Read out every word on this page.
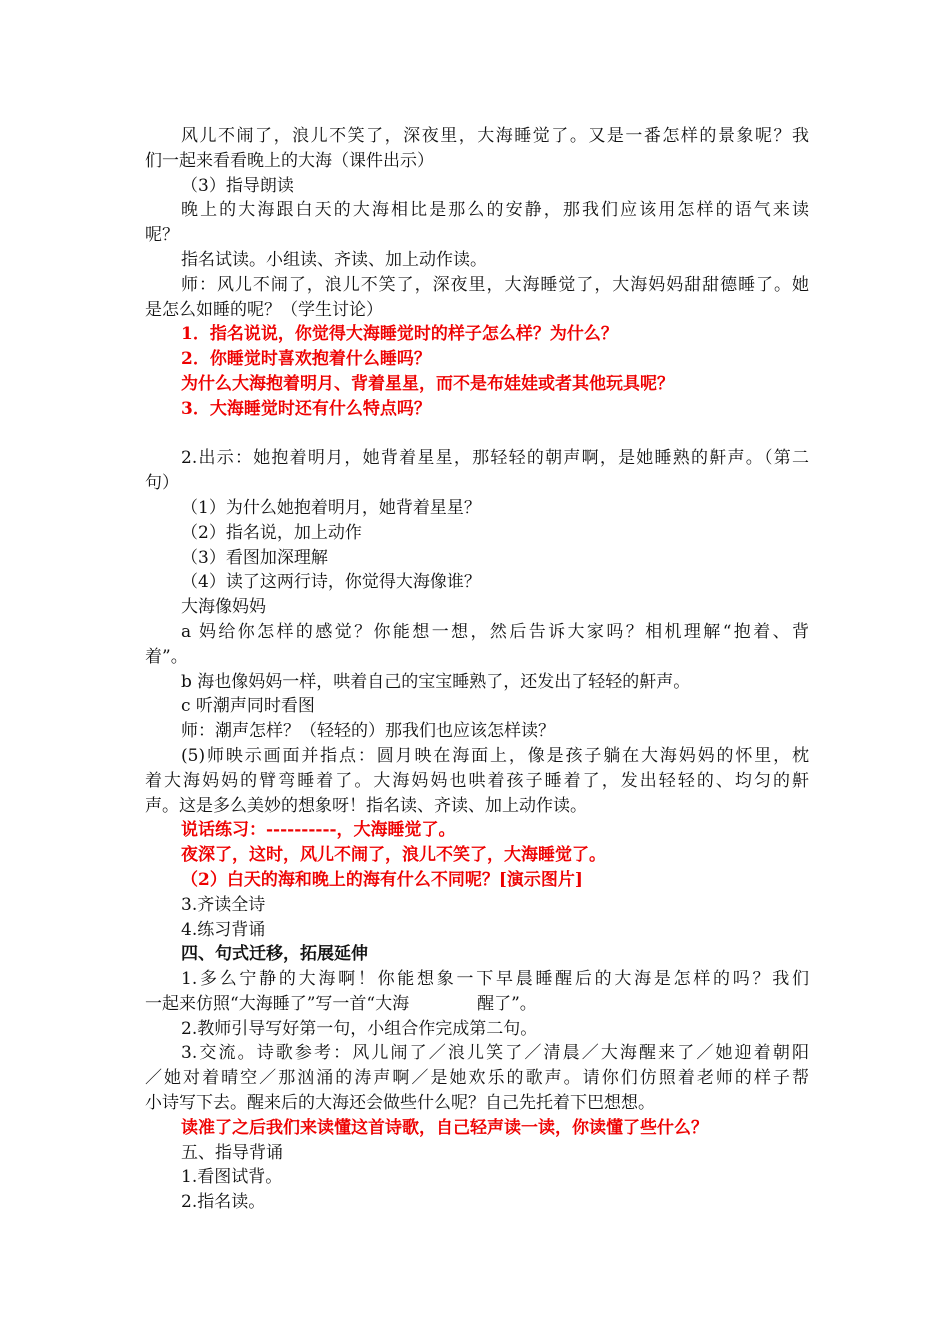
风儿不闹了，浪儿不笑了，深夜里，大海睡觉了。又是一番怎样的景象呢？我
们一起来看看晚上的大海（课件出示）
（3）指导朗读
晚上的大海跟白天的大海相比是那么的安静，那我们应该用怎样的语气来读
呢？
指名试读。小组读、齐读、加上动作读。
师：风儿不闹了，浪儿不笑了，深夜里，大海睡觉了，大海妈妈甜甜德睡了。她
是怎么如睡的呢？（学生讨论）
1．指名说说，你觉得大海睡觉时的样子怎么样？为什么？
2．你睡觉时喜欢抱着什么睡吗？
为什么大海抱着明月、背着星星，而不是布娃娃或者其他玩具呢？
3．大海睡觉时还有什么特点吗？
2.出示：她抱着明月，她背着星星，那轻轻的朝声啊，是她睡熟的鼾声。（第二
句）
（1）为什么她抱着明月，她背着星星？
（2）指名说，加上动作
（3）看图加深理解
（4）读了这两行诗，你觉得大海像谁？
大海像妈妈
a 妈给你怎样的感觉？你能想一想，然后告诉大家吗？相机理解“抱着、背
着”。
b 海也像妈妈一样，哄着自己的宝宝睡熟了，还发出了轻轻的鼾声。
c 听潮声同时看图
师：潮声怎样？（轻轻的）那我们也应该怎样读？
(5)师映示画面并指点：圆月映在海面上，像是孩子躺在大海妈妈的怀里，枕
着大海妈妈的臂弯睡着了。大海妈妈也哄着孩子睡着了，发出轻轻的、均匀的鼾
声。这是多么美妙的想象呀！指名读、齐读、加上动作读。
说话练习：----------，大海睡觉了。
夜深了，这时，风儿不闹了，浪儿不笑了，大海睡觉了。
（2）白天的海和晚上的海有什么不同呢？[演示图片]
3.齐读全诗
4.练习背诵
四、句式迁移，拓展延伸
1.多么宁静的大海啊！你能想象一下早晨睡醒后的大海是怎样的吗？我们
一起来仿照“大海睡了”写一首“大海　　　　醒了”。
2.教师引导写好第一句，小组合作完成第二句。
3.交流。诗歌参考：风儿闹了／浪儿笑了／清晨／大海醒来了／她迎着朝阳
／她对着晴空／那汹涌的涛声啊／是她欢乐的歌声。请你们仿照着老师的样子帮
小诗写下去。醒来后的大海还会做些什么呢？自己先托着下巴想想。
读准了之后我们来读懂这首诗歌，自己轻声读一读，你读懂了些什么？
五、指导背诵
1.看图试背。
2.指名读。
